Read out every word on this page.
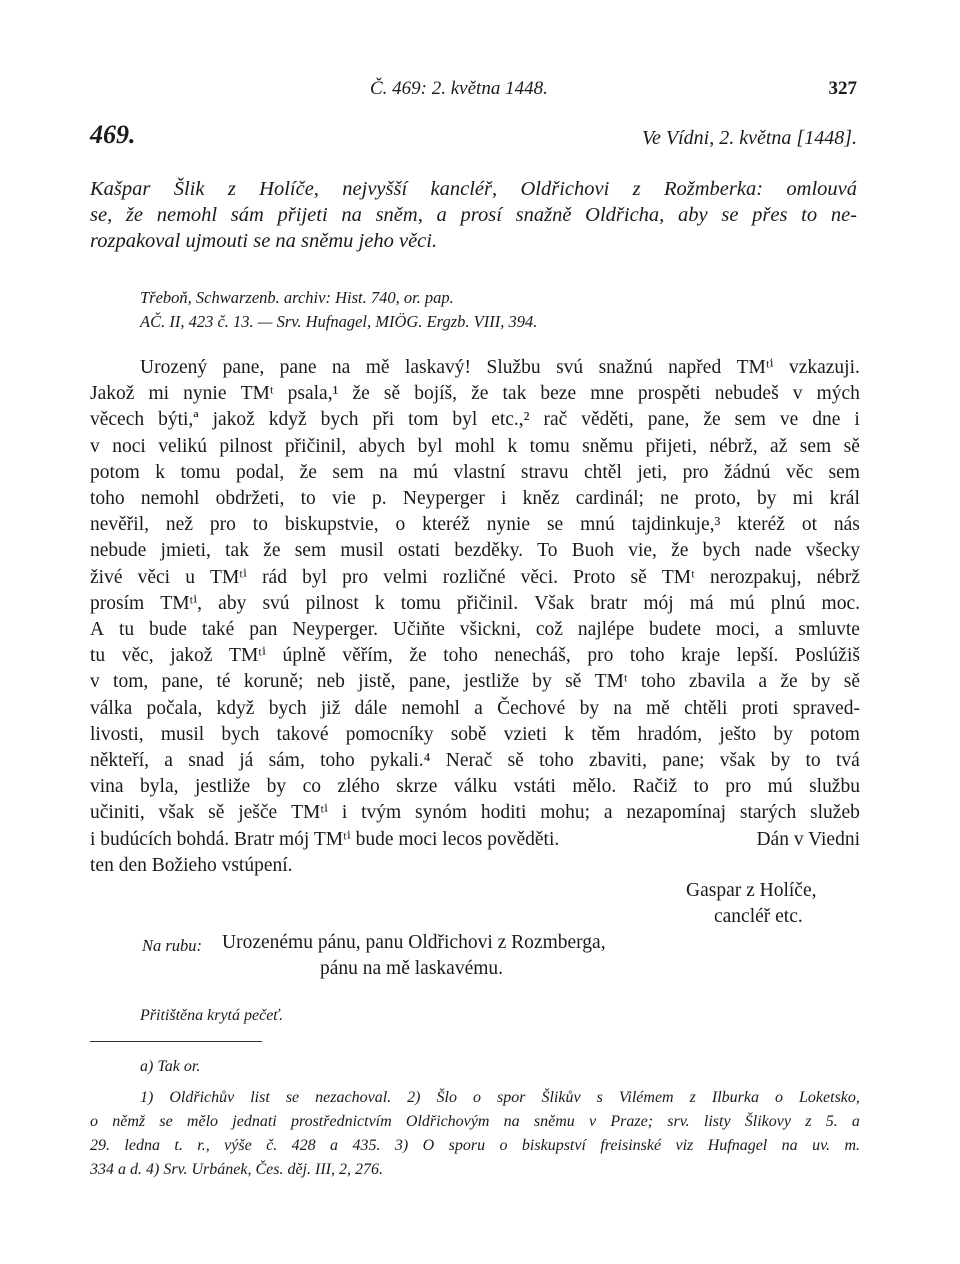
Č. 469: 2. května 1448.	327
469.	Ve Vídni, 2. května [1448].
Kašpar Šlik z Holíče, nejvyšší kancléř, Oldřichovi z Rožmberka: omlouvá
se, že nemohl sám přijeti na sněm, a prosí snažně Oldřicha, aby se přes to ne-
rozpakoval ujmouti se na sněmu jeho věci.
Třeboň, Schwarzenb. archiv: Hist. 740, or. pap.
AČ. II, 423 č. 13. — Srv. Hufnagel, MIÖG. Ergzb. VIII, 394.
Urozený pane, pane na mě laskavý! Službu svú snažnú napřed TMᵗⁱ vzkazuji.
Jakož mi nynie TMᵗ psala,¹ že sě bojíš, že tak beze mne prospěti nebudeš v mých
věcech býti,ª jakož když bych při tom byl etc.,² rač věděti, pane, že sem ve dne i
v noci velikú pilnost přičinil, abych byl mohl k tomu sněmu přijeti, nébrž, až sem sě
potom k tomu podal, že sem na mú vlastní stravu chtěl jeti, pro žádnú věc sem
toho nemohl obdržeti, to vie p. Neyperger i kněz cardinál; ne proto, by mi král
nevěřil, než pro to biskupstvie, o kteréž nynie se mnú tajdinkuje,³ kteréž ot nás
nebude jmieti, tak že sem musil ostati bezděky. To Buoh vie, že bych nade všecky
živé věci u TMᵗⁱ rád byl pro velmi rozličné věci. Proto sě TMᵗ nerozpakuj, nébrž
prosím TMᵗⁱ, aby svú pilnost k tomu přičinil. Však bratr mój má mú plnú moc.
A tu bude také pan Neyperger. Učiňte všickni, což najlépe budete moci, a smluvte
tu věc, jakož TMᵗⁱ úplně věřím, že toho nenecháš, pro toho kraje lepší. Poslúžiš
v tom, pane, té koruně; neb jistě, pane, jestližе by sě TMᵗ toho zbavila a že by sě
válka počala, když bych již dále nemohl a Čechové by na mě chtěli proti spraved-
livosti, musil bych takové pomocníky sobě vzieti k těm hradóm, ješto by potom
někteří, a snad já sám, toho pykali.⁴ Nerač sě toho zbaviti, pane; však by to tvá
vina byla, jestližе by co zlého skrze válku vstáti mělo. Račiž to pro mú službu
učiniti, však sě ješče TMᵗⁱ i tvým synóm hoditi mohu; a nezapomínaj starých služeb
i budúcích bohdá. Bratr mój TMᵗⁱ bude moci lecos pověděti.	Dán v Viedni
ten den Božieho vstúpení.
Gaspar z Holíče,
cancléř etc.
Na rubu: Urozenému pánu, panu Oldřichovi z Rozmberga,
pánu na mě laskavému.
Přitištěna krytá pečeť.
a) Tak or.
1) Oldřichův list se nezachoval. 2) Šlo o spor Šlikův s Vilémem z Ilburka o Loketsko,
o němž se mělo jednati prostřednictvím Oldřichovým na sněmu v Praze; srv. listy Šlikovy z 5. a
29. ledna t. r., výše č. 428 a 435. 3) O sporu o biskupství freisinské viz Hufnagel na uv. m.
334 a d. 4) Srv. Urbánek, Čes. děj. III, 2, 276.
